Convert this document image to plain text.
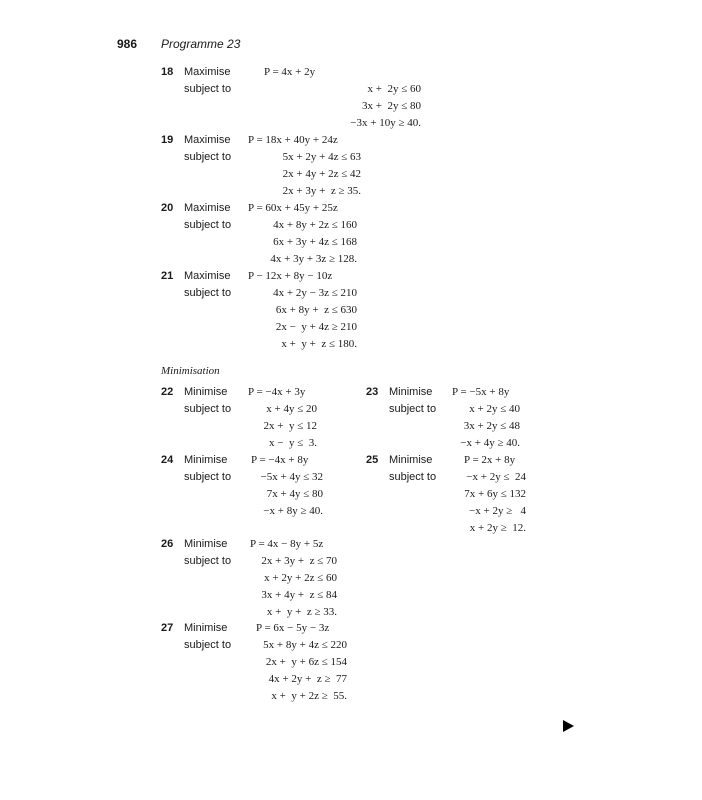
986 Programme 23
18 Maximise
subject to
P = 4x + 2y
x +  2y ≤ 60
3x +  2y ≤ 80
−3x + 10y ≥ 40.
19 Maximise
subject to
P = 18x + 40y + 24z
5x + 2y + 4z ≤ 63
2x + 4y + 2z ≤ 42
2x + 3y +  z ≥ 35.
20 Maximise
subject to
P = 60x + 45y + 25z
4x + 8y + 2z ≤ 160
6x + 3y + 4z ≤ 168
4x + 3y + 3z ≥ 128.
21 Maximise
subject to
P − 12x + 8y − 10z
4x + 2y − 3z ≤ 210
6x + 8y +  z ≤ 630
2x −  y + 4z ≥ 210
x +  y +  z ≤ 180.
Minimisation
22 Minimise
subject to
P = −4x + 3y
x + 4y ≤ 20
2x +  y ≤ 12
x −  y ≤  3.
23 Minimise
subject to
P = −5x + 8y
x + 2y ≤ 40
3x + 2y ≤ 48
−x + 4y ≥ 40.
24 Minimise
subject to
P = −4x + 8y
−5x + 4y ≤ 32
7x + 4y ≤ 80
−x + 8y ≥ 40.
25 Minimise
subject to
P = 2x + 8y
−x + 2y ≤  24
7x + 6y ≤ 132
−x + 2y ≥   4
x + 2y ≥  12.
26 Minimise
subject to
P = 4x − 8y + 5z
2x + 3y +  z ≤ 70
x + 2y + 2z ≤ 60
3x + 4y +  z ≤ 84
x +  y +  z ≥ 33.
27 Minimise
subject to
P = 6x − 5y − 3z
5x + 8y + 4z ≤ 220
2x +  y + 6z ≤ 154
4x + 2y +  z ≥  77
x +  y + 2z ≥  55.
